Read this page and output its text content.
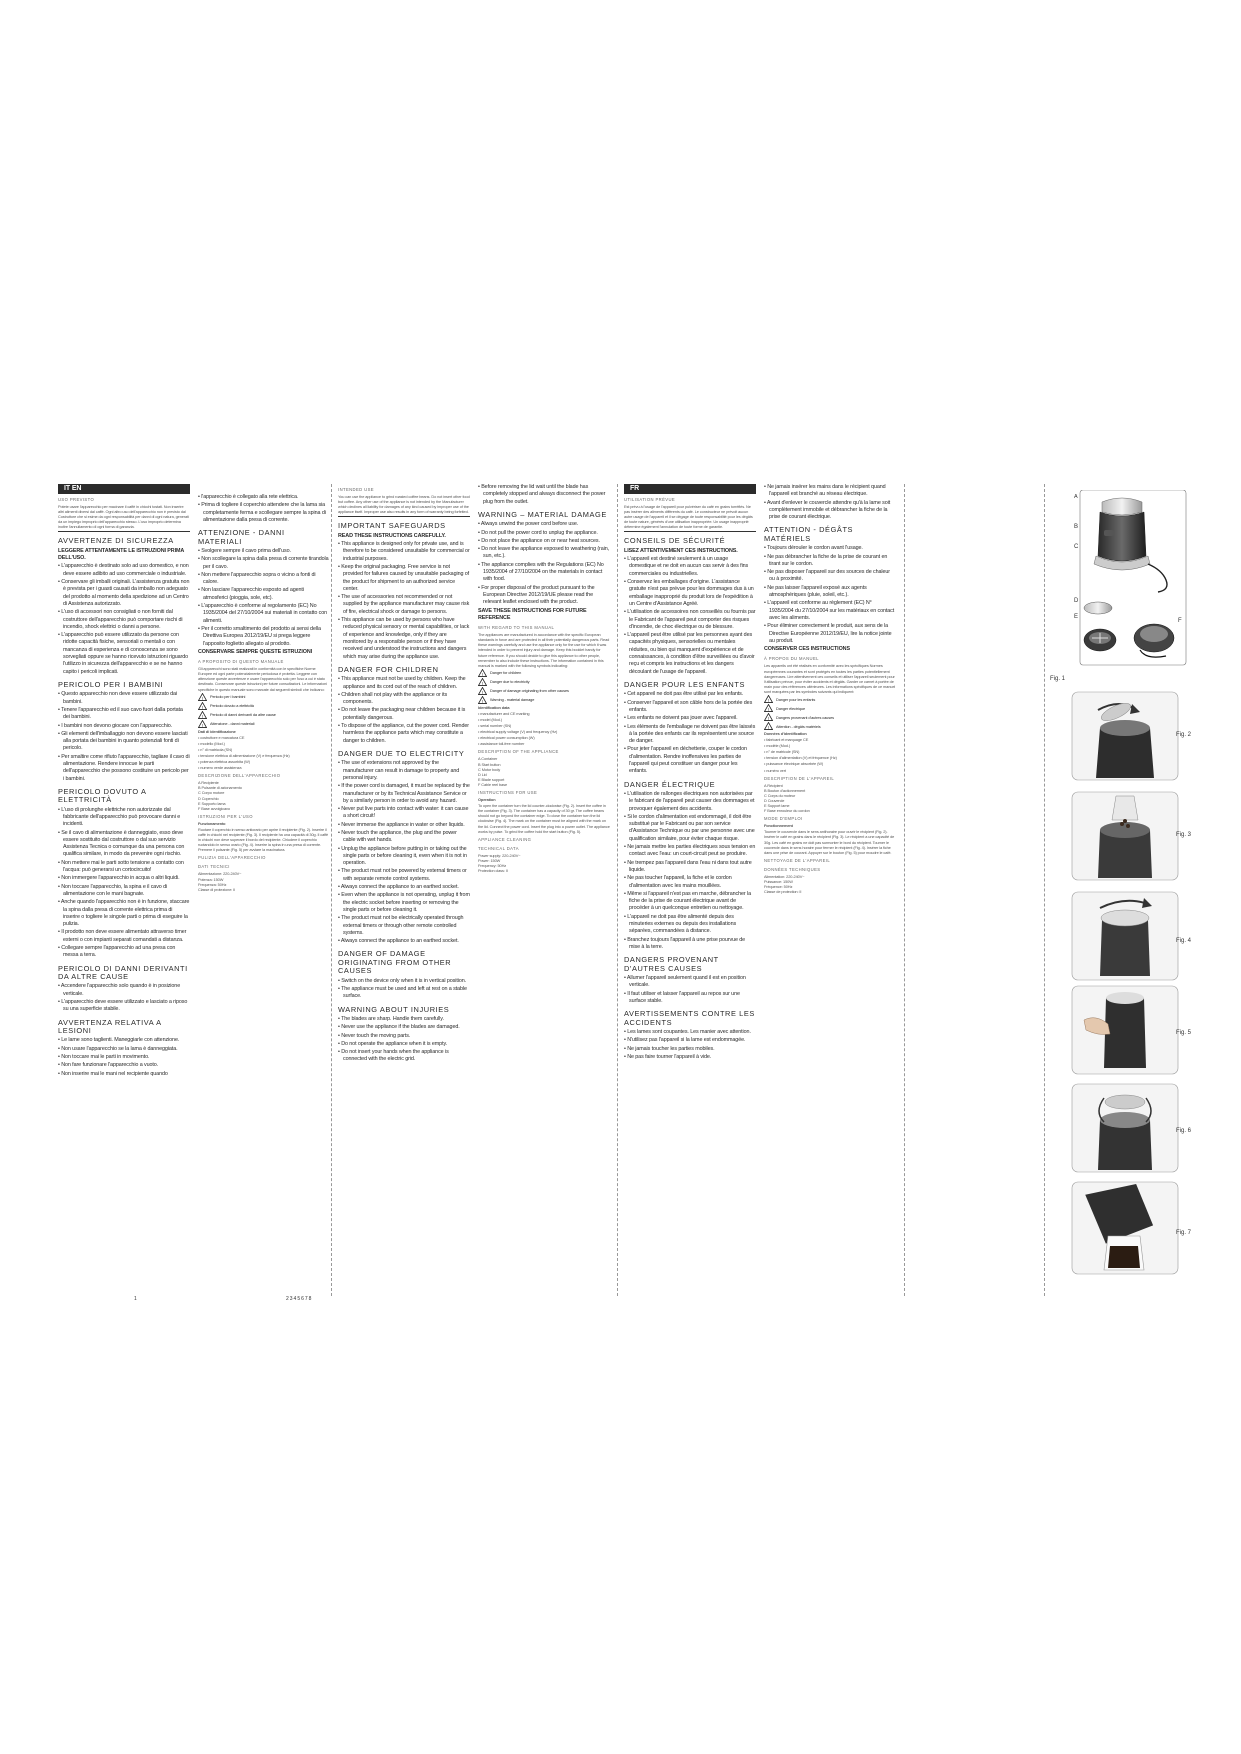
IT EN
USO PREVISTO

Potete usare l'apparecchio per macinare il caffè in chicchi tostati. Non inserire altri alimenti diversi dal caffè. Ogni altro uso dell'apparecchio non è previsto dal Costruttore che si esime da ogni responsabilità per danni di ogni natura, generati da un impiego improprio dell'apparecchio stesso. L'uso improprio determina inoltre l'annullamento di ogni forma di garanzia.

AVVERTENZE DI SICUREZZA

LEGGERE ATTENTAMENTE LE ISTRUZIONI PRIMA DELL'USO.

• L'apparecchio è destinato solo ad uso domestico, e non deve essere adibito ad uso commerciale o industriale.
• Conservare gli imballi originali. L'assistenza gratuita non è prevista per i guasti causati da imballo non adeguato del prodotto al momento della spedizione ad un Centro di Assistenza autorizzato.
• L'uso di accessori non consigliati o non forniti dal costruttore dell'apparecchio può comportare rischi di incendio, shock elettrici o danni a persone.
• L'apparecchio può essere utilizzato da persone con ridotte capacità fisiche, sensoriali o mentali o con mancanza di esperienza e di conoscenza se sono sorvegliati oppure se hanno ricevuto istruzioni riguardo l'utilizzo in sicurezza dell'apparecchio e se ne hanno capito i pericoli implicati.
PERICOLO PER I BAMBINI
• Questo apparecchio non deve essere utilizzato dai bambini.
• Tenere l'apparecchio ed il suo cavo fuori dalla portata dei bambini.
• I bambini non devono giocare con l'apparecchio.
• Gli elementi dell'imballaggio non devono essere lasciati alla portata dei bambini in quanto potenziali fonti di pericolo.
• Per smaltire come rifiuto l'apparecchio, tagliare il cavo di alimentazione. Rendere innocue le parti dell'apparecchio che possono costituire un pericolo per i bambini.
PERICOLO DOVUTO A ELETTRICITÀ
• L'uso di prolunghe elettriche non autorizzate dal fabbricante dell'apparecchio può provocare danni e incidenti.
• Se il cavo di alimentazione è danneggiato, esso deve essere sostituito dal costruttore o dal suo servizio Assistenza Tecnica o comunque da una persona con qualifica similare, in modo da prevenire ogni rischio.
• Non mettere mai le parti sotto tensione a contatto con l'acqua: può generarsi un cortocircuito!
• Non immergere l'apparecchio in acqua o altri liquidi.
• Non toccare l'apparecchio, la spina e il cavo di alimentazione con le mani bagnate.
• Anche quando l'apparecchio non è in funzione, staccare la spina dalla presa di corrente elettrica prima di inserire o togliere le singole parti o prima di eseguire la pulizia.
• Il prodotto non deve essere alimentato attraverso timer esterni o con impianti separati comandati a distanza.
• Collegare sempre l'apparecchio ad una presa con messa a terra.
PERICOLO DI DANNI DERIVANTI DA ALTRE CAUSE
• Accendere l'apparecchio solo quando è in posizione verticale.
• L'apparecchio deve essere utilizzato e lasciato a riposo su una superficie stabile.
AVVERTENZA RELATIVA A LESIONI
• Le lame sono taglienti. Maneggiarle con attenzione.
• Non usare l'apparecchio se la lama è danneggiata.
• Non toccare mai le parti in movimento.
• Non fare funzionare l'apparecchio a vuoto.
• Non inserire mai le mani nel recipiente quando
• l'apparecchio è collegato alla rete elettrica.
• Prima di togliere il coperchio attendere che la lama sia completamente ferma e scollegare sempre la spina di alimentazione dalla presa di corrente.
ATTENZIONE - DANNI MATERIALI
• Svolgere sempre il cavo prima dell'uso.
• Non scollegare la spina dalla presa di corrente tirandola per il cavo.
• Non mettere l'apparecchio sopra o vicino a fonti di calore.
• Non lasciare l'apparecchio esposto ad agenti atmosferici (pioggia, sole, etc).
• L'apparecchio è conforme al regolamento (EC) No 1935/2004 del 27/10/2004 sui materiali in contatto con alimenti.
• Per il corretto smaltimento del prodotto ai sensi della Direttiva Europea 2012/19/EU si prega leggere l'apposito foglietto allegato al prodotto.

CONSERVARE SEMPRE QUESTE ISTRUZIONI

A PROPOSITO DI QUESTO MANUALE

Gli apparecchi sono stati realizzati in conformità con le specifiche Norme Europee ed ogni parte potenzialmente pericolosa è protetta. Leggere con attenzione queste avvertenze e usare l'apparecchio solo per l'uso a cui è stato destinato. Conservare queste istruzioni per future consultazioni. Le informazioni specifiche in questo manuale sono marcate dai seguenti simboli che indicano:

! Pericolo per i bambini
! Pericolo dovuto a elettricità
! Pericolo di danni derivanti da altre cause
! Attenzione - danni materiali

Dati di identificazione

• costruttore e marcatura CE
• modello (Mod.)
• n° di matricola (SN)
• tensione elettrica di alimentazione (V) e frequenza (Hz)
• potenza elettrica assorbita (W)
• numero verde assistenza
DESCRIZIONE DELL'APPARECCHIO
A Recipiente
B Pulsante di azionamento
C Corpo motore
D Coperchio
E Supporto lama
F Base avvolgicavo
ISTRUZIONI PER L'USO

Funzionamento

Ruotare il coperchio in senso antiorario per aprire il recipiente (Fig. 2). Inserire il caffè in chicchi nel recipiente (Fig. 3). Il recipiente ha una capacità di 30g. Il caffè in chicchi non deve superare il bordo del recipiente. Chiudere il coperchio ruotandolo in senso orario (Fig. 4). Inserire la spina in una presa di corrente. Premere il pulsante (Fig. 5) per avviare la macinatura.

PULIZIA DELL'APPARECCHIO
DATI TECNICI
Alimentazione: 220-240V~
Potenza: 150W
Frequenza: 50Hz
Classe di protezione: II
INTENDED USE

You can use the appliance to grind roasted coffee beans. Do not insert other food but coffee. Any other use of the appliance is not intended by the Manufacturer which declines all liability for damages of any kind caused by improper use of the appliance itself. Improper use also results in any form of warranty being forfeited.

IMPORTANT SAFEGUARDS

READ THESE INSTRUCTIONS CAREFULLY.

• This appliance is designed only for private use, and is therefore to be considered unsuitable for commercial or industrial purposes.
• Keep the original packaging. Free service is not provided for failures caused by unsuitable packaging of the product for shipment to an authorized service center.
• The use of accessories not recommended or not supplied by the appliance manufacturer may cause risk of fire, electrical shock or damage to persons.
• This appliance can be used by persons who have reduced physical sensory or mental capabilities, or lack of experience and knowledge, only if they are monitored by a responsible person or if they have received and understood the instructions and dangers which may arise during the appliance use.
DANGER FOR CHILDREN
• This appliance must not be used by children. Keep the appliance and its cord out of the reach of children.
• Children shall not play with the appliance or its components.
• Do not leave the packaging near children because it is potentially dangerous.
• To dispose of the appliance, cut the power cord. Render harmless the appliance parts which may constitute a danger to children.
DANGER DUE TO ELECTRICITY
• The use of extensions not approved by the manufacturer can result in damage to property and personal injury.
• If the power cord is damaged, it must be replaced by the manufacturer or by its Technical Assistance Service or by a similarly person in order to avoid any hazard.
• Never put live parts into contact with water: it can cause a short circuit!
• Never immerse the appliance in water or other liquids.
• Never touch the appliance, the plug and the power cable with wet hands.
• Unplug the appliance before putting in or taking out the single parts or before cleaning it, even when it is not in operation.
• The product must not be powered by external timers or with separate remote control systems.
• Always connect the appliance to an earthed socket.
• Even when the appliance is not operating, unplug it from the electric socket before inserting or removing the single parts or before cleaning it.
• The product must not be electrically operated through external timers or through other remote controlled systems.
• Always connect the appliance to an earthed socket.
DANGER OF DAMAGE ORIGINATING FROM OTHER CAUSES
• Switch on the device only when it is in vertical position.
• The appliance must be used and left at rest on a stable surface.
WARNING ABOUT INJURIES
• The blades are sharp. Handle them carefully.
• Never use the appliance if the blades are damaged.
• Never touch the moving parts.
• Do not operate the appliance when it is empty.
• Do not insert your hands when the appliance is connected with the electric grid.
• Before removing the lid wait until the blade has completely stopped and always disconnect the power plug from the outlet.
WARNING – MATERIAL DAMAGE
• Always unwind the power cord before use.
• Do not pull the power cord to unplug the appliance.
• Do not place the appliance on or near heat sources.
• Do not leave the appliance exposed to weathering (rain, sun, etc.).
• The appliance complies with the Regulations (EC) No 1935/2004 of 27/10/2004 on the materials in contact with food.
• For proper disposal of the product pursuant to the European Directive 2012/19/UE please read the relevant leaflet enclosed with the product.

SAVE THESE INSTRUCTIONS FOR FUTURE REFERENCE

WITH REGARD TO THIS MANUAL

The appliances are manufactured in accordance with the specific European standards in force and are protected in all their potentially dangerous parts. Read these warnings carefully and use the appliance only for the use for which it was intended in order to prevent injury and damage. Keep this booklet handy for future reference. If you should decide to give this appliance to other people, remember to also include these instructions. The information contained in this manual is marked with the following symbols indicating:

! Danger for children
! Danger due to electricity
! Danger of damage originating from other causes
! Warning - material damage

Identification data

• manufacturer and CE marking
• model (Mod.)
• serial number (SN)
• electrical supply voltage (V) and frequency (Hz)
• electrical power consumption (W)
• assistance toll-free number
DESCRIPTION OF THE APPLIANCE
A Container
B Start button
C Motor body
D Lid
E Blade support
F Cable reel base
INSTRUCTIONS FOR USE

Operation

To open the container turn the lid counter-clockwise (Fig. 2). Insert the coffee in the container (Fig. 3). The container has a capacity of 30 gr. The coffee beans should not go beyond the container edge. To close the container turn the lid clockwise (Fig. 4). The mark on the container must be aligned with the mark on the lid. Connect the power cord. Insert the plug into a power outlet. The appliance works by pulse. To grind the coffee hold the start button (Fig. 5).

APPLIANCE CLEANING
TECHNICAL DATA
Power supply: 220-240V~
Power: 150W
Frequency: 50Hz
Protection class: II
FR
UTILISATION PRÉVUE

Est prévu à l'usage de l'appareil pour pulvériser du café en grains torréfiés. Ne pas insérer des aliments différents du café. Le constructeur ne prévoit aucun autre usage de l'appareil et il se dégage de toute responsabilité pour les dégâts de toute nature, générés d'une utilisation inappropriée. Un usage inapproprié détermine également l'annulation de toute forme de garantie.

CONSEILS DE SÉCURITÉ

LISEZ ATTENTIVEMENT CES INSTRUCTIONS.

• L'appareil est destiné seulement à un usage domestique et ne doit en aucun cas servir à des fins commerciales ou industrielles.
• Conservez les emballages d'origine. L'assistance gratuite n'est pas prévue pour les dommages dus à un emballage inapproprié du produit lors de l'expédition à un Centre d'Assistance Agréé.
• L'utilisation de accessoires non conseillés ou fournis par le Fabricant de l'appareil peut comporter des risques d'incendie, de choc électrique ou de blessure.
• L'appareil peut être utilisé par les personnes ayant des capacités physiques, sensorielles ou mentales réduites, ou bien qui manquent d'expérience et de connaissances, à condition d'être surveillées ou d'avoir reçu et compris les instructions et les dangers découlant de l'usage de l'appareil.
DANGER POUR LES ENFANTS
• Cet appareil ne doit pas être utilisé par les enfants.
• Conserver l'appareil et son câble hors de la portée des enfants.
• Les enfants ne doivent pas jouer avec l'appareil.
• Les éléments de l'emballage ne doivent pas être laissés à la portée des enfants car ils représentent une source de danger.
• Pour jeter l'appareil en déchetterie, couper le cordon d'alimentation. Rendre inoffensives les parties de l'appareil qui peut constituer un danger pour les enfants.
DANGER ÉLECTRIQUE
• L'utilisation de rallonges électriques non autorisées par le fabricant de l'appareil peut causer des dommages et provoquer également des accidents.
• Si le cordon d'alimentation est endommagé, il doit être substitué par le Fabricant ou par son service d'Assistance Technique ou par une personne avec une qualification similaire, pour éviter chaque risque.
• Ne jamais mettre les parties électriques sous tension en contact avec l'eau: un court-circuit peut se produire.
• Ne trempez pas l'appareil dans l'eau ni dans tout autre liquide.
• Ne pas toucher l'appareil, la fiche et le cordon d'alimentation avec les mains mouillées.
• Même si l'appareil n'est pas en marche, débrancher la fiche de la prise de courant électrique avant de procéder à un quelconque entretien ou nettoyage.
• L'appareil ne doit pas être alimenté depuis des minuteries externes ou depuis des installations séparées, commandées à distance.
• Branchez toujours l'appareil à une prise pourvue de mise à la terre.
DANGERS PROVENANT D'AUTRES CAUSES
• Allumer l'appareil seulement quand il est en position verticale.
• Il faut utiliser et laisser l'appareil au repos sur une surface stable.
AVERTISSEMENTS CONTRE LES ACCIDENTS
• Les lames sont coupantes. Les manier avec attention.
• N'utilisez pas l'appareil si la lame est endommagée.
• Ne jamais toucher les parties mobiles.
• Ne pas faire tourner l'appareil à vide.
• Ne jamais insérer les mains dans le récipient quand l'appareil est branché au réseau électrique.
• Avant d'enlever le couvercle attendre qu'à la lame soit complètement immobile et débrancher la fiche de la prise de courant électrique.
ATTENTION - DÉGÂTS MATÉRIELS
• Toujours dérouler le cordon avant l'usage.
• Ne pas débrancher la fiche de la prise de courant en tirant sur le cordon.
• Ne pas disposer l'appareil sur des sources de chaleur ou à proximité.
• Ne pas laisser l'appareil exposé aux agents atmosphériques (pluie, soleil, etc.).
• L'appareil est conforme au règlement (EC) N° 1935/2004 du 27/10/2004 sur les matériaux en contact avec les aliments.
• Pour éliminer correctement le produit, aux sens de la Directive Européenne 2012/19/EU, lire la notice jointe au produit.

CONSERVER CES INSTRUCTIONS

À PROPOS DU MANUEL

Les appareils ont été réalisés en conformité avec les spécifiques Normes européennes courantes et sont protégés en toutes les parties potentiellement dangereuses. Lire attentivement ces conseils et utiliser l'appareil seulement pour l'utilisation prévue, pour éviter accidents et dégâts. Garder ce carnet à portée de main pour des références ultérieures. Les informations spécifiques de ce manuel sont marquées par les symboles suivants qui indiquent:

! Danger pour les enfants
! Danger électrique
! Dangers provenant d'autres causes
! Attention - dégâts matériels

Données d'identification

• fabricant et marquage CE
• modèle (Mod.)
• n° de matricule (SN)
• tension d'alimentation (V) et fréquence (Hz)
• puissance électrique absorbée (W)
• numéro vert
DESCRIPTION DE L'APPAREIL
A Récipient
B Bouton d'actionnement
C Corps du moteur
D Couvercle
E Support lame
F Base enrouleur du cordon
MODE D'EMPLOI

Fonctionnement

Tourner le couvercle dans le sens antihoraire pour ouvrir le récipient (Fig. 2). Insérer le café en grains dans le récipient (Fig. 3). Le récipient a une capacité de 30g. Les café en grains ne doit pas surmonter le bord du récipient. Tourner le couvercle dans le sens horaire pour fermer le récipient (Fig. 4). Insérer la fiche dans une prise de courant. Appuyer sur le bouton (Fig. 5) pour moudre le café.

NETTOYAGE DE L'APPAREIL
DONNÉES TECHNIQUES
Alimentation: 220-240V~
Puissance: 150W
Fréquence: 50Hz
Classe de protection: II
1	2345678
A
B
C
D
E
F
Fig. 1
Fig. 2
Fig. 3
Fig. 4
Fig. 5
Fig. 6
Fig. 7
